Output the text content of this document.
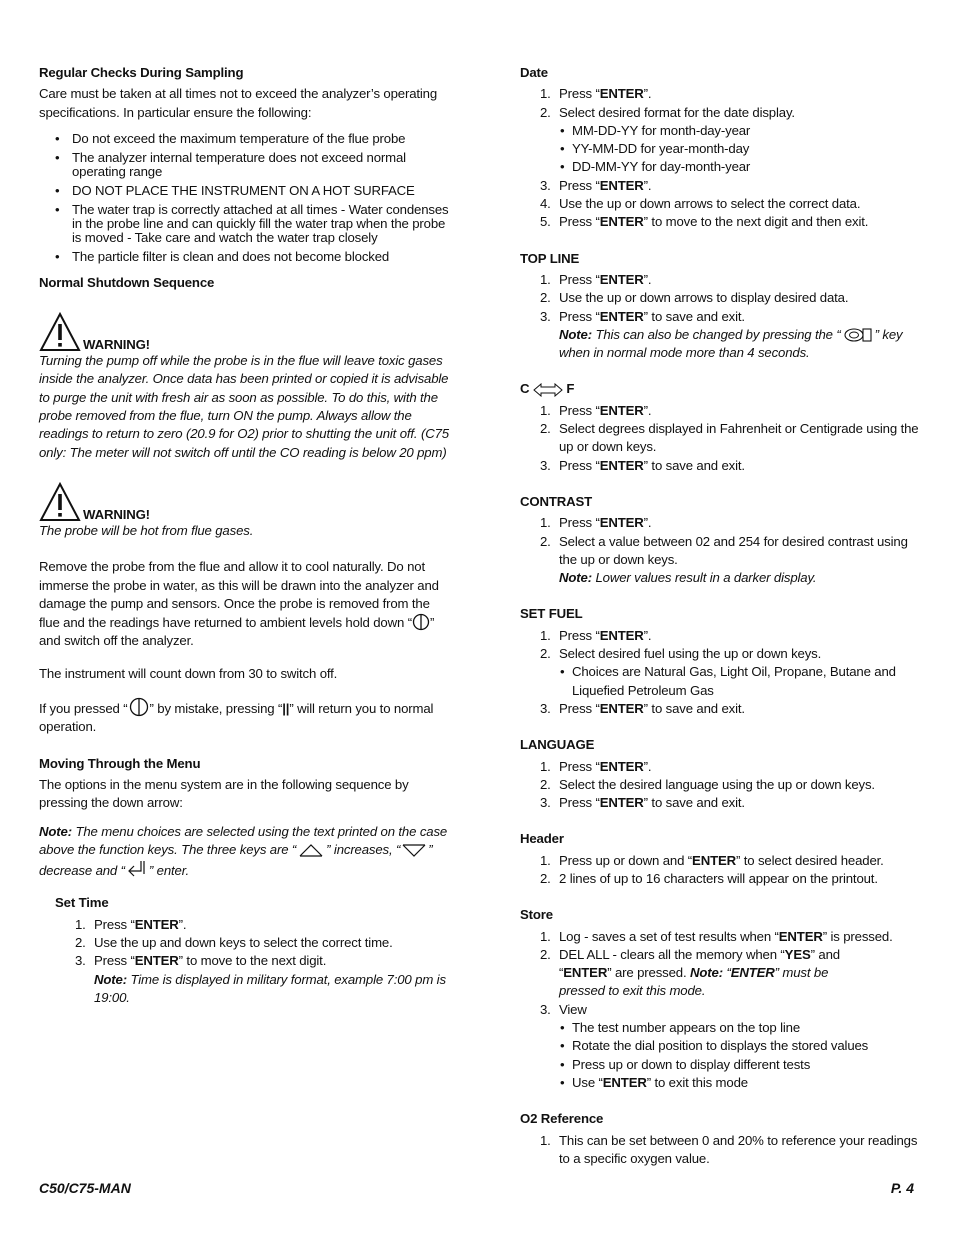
Regular Checks During Sampling

Care must be taken at all times not to exceed the analyzer’s operating specifications. In particular ensure the following:

• Do not exceed the maximum temperature of the flue probe
• The analyzer internal temperature does not exceed normal operating range
• DO NOT PLACE THE INSTRUMENT ON A HOT SURFACE
• The water trap is correctly attached at all times - Water condenses in the probe line and can quickly fill the water trap when the probe is moved - Take care and watch the water trap closely
• The particle filter is clean and does not become blocked
Normal Shutdown Sequence
WARNING!

Turning the pump off while the probe is in the flue will leave toxic gases inside the analyzer. Once data has been printed or copied it is advisable to purge the unit with fresh air as soon as possible. To do this, with the probe removed from the flue, turn ON the pump. Always allow the readings to return to zero (20.9 for O2) prior to shutting the unit off. (C75 only: The meter will not switch off until the CO reading is below 20 ppm)

WARNING!

The probe will be hot from flue gases.

Remove the probe from the flue and allow it to cool naturally. Do not immerse the probe in water, as this will be drawn into the analyzer and damage the pump and sensors. Once the probe is removed from the flue and the readings have returned to ambient levels hold down “ ” and switch off the analyzer.

The instrument will count down from 30 to switch off.

If you pressed “ ” by mistake, pressing “||” will return you to normal operation.

Moving Through the Menu

The options in the menu system are in the following sequence by pressing the down arrow:

Note: The menu choices are selected using the text printed on the case above the function keys. The three keys are “ ” increases, “ ” decrease and “ ” enter.

Set Time
1. Press “ENTER”.
2. Use the up and down keys to select the correct time.
3. Press “ENTER” to move to the next digit.
Note: Time is displayed in military format, example 7:00 pm is 19:00.
Date
1. Press “ENTER”.
2. Select desired format for the date display.
• MM-DD-YY for month-day-year
• YY-MM-DD for year-month-day
• DD-MM-YY for day-month-year
3. Press “ENTER”.
4. Use the up or down arrows to select the correct data.
5. Press “ENTER” to move to the next digit and then exit.
TOP LINE
1. Press “ENTER”.
2. Use the up or down arrows to display desired data.
3. Press “ENTER” to save and exit.
Note: This can also be changed by pressing the “	” key when in normal mode more than 4 seconds.
C	F
1. Press “ENTER”.
2. Select degrees displayed in Fahrenheit or Centigrade using the up or down keys.
3. Press “ENTER” to save and exit.
CONTRAST
1. Press “ENTER”.
2. Select a value between 02 and 254 for desired contrast using the up or down keys.
Note: Lower values result in a darker display.
SET FUEL
1. Press “ENTER”.
2. Select desired fuel using the up or down keys.
• Choices are Natural Gas, Light Oil, Propane, Butane and Liquefied Petroleum Gas
3. Press “ENTER” to save and exit.
LANGUAGE
1. Press “ENTER”.
2. Select the desired language using the up or down keys.
3. Press “ENTER” to save and exit.
Header
1. Press up or down and “ENTER” to select desired header.
2. 2 lines of up to 16 characters will appear on the printout.
Store
1. Log - saves a set of test results when “ENTER” is pressed.
2. DEL ALL - clears all the memory when “YES” and “ENTER” are pressed. Note: “ENTER” must be pressed to exit this mode.
3. View
• The test number appears on the top line
• Rotate the dial position to displays the stored values
• Press up or down to display different tests
• Use “ENTER” to exit this mode
O2 Reference
1. This can be set between 0 and 20% to reference your readings to a specific oxygen value.
C50/C75-MAN	P. 4
